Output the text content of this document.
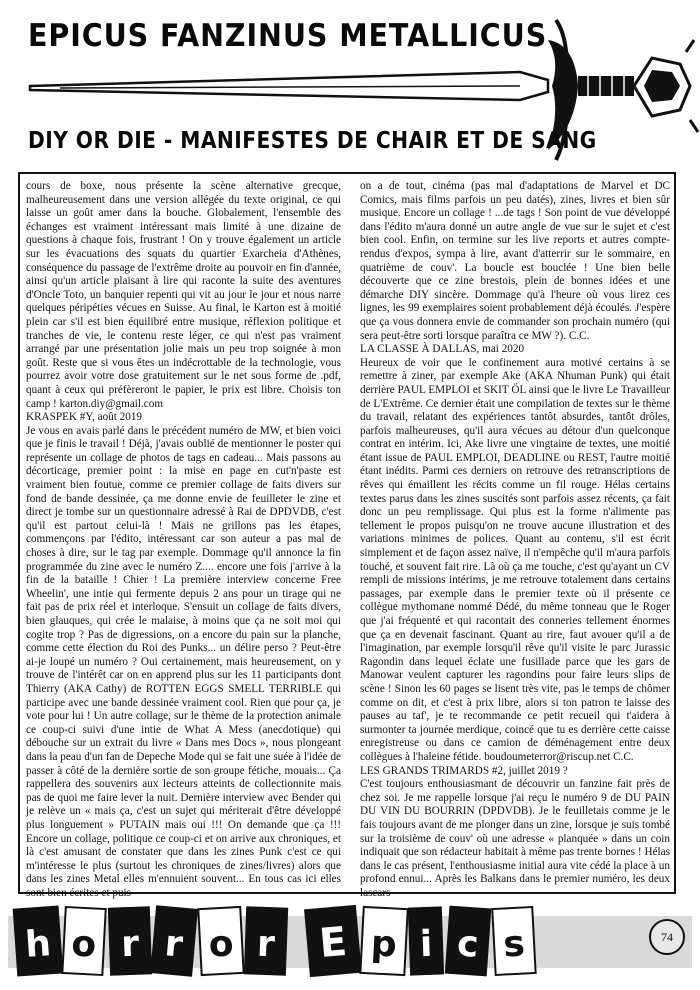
EPICUS FANZINUS METALLICUS
DIY OR DIE - MANIFESTES DE CHAIR ET DE SANG

cours de boxe, nous présente la scène alternative grecque, malheureusement dans une version allégée du texte original, ce qui laisse un goût amer dans la bouche. Globalement, l'ensemble des échanges est vraiment intéressant mais limité à une dizaine de questions à chaque fois, frustrant ! On y trouve également un article sur les évacuations des squats du quartier Exarcheia d'Athènes, conséquence du passage de l'extrême droite au pouvoir en fin d'année, ainsi qu'un article plaisant à lire qui raconte la suite des aventures d'Oncle Toto, un banquier repenti qui vit au jour le jour et nous narre quelques péripéties vécues en Suisse. Au final, le Karton est à moitié plein car s'il est bien équilibré entre musique, réflexion politique et tranches de vie, le contenu reste léger, ce qui n'est pas vraiment arrangé par une présentation jolie mais un peu trop soignée à mon goût. Reste que si vous êtes un indécrottable de la technologie, vous pourrez avoir votre dose gratuitement sur le net sous forme de .pdf, quant à ceux qui préfèreront le papier, le prix est libre. Choisis ton camp ! karton.diy@gmail.com

KRASPEK #Y, août 2019

Je vous en avais parlé dans le précédent numéro de MW, et bien voici que je finis le travail ! Déjà, j'avais oublié de mentionner le poster qui représente un collage de photos de tags en cadeau... Mais passons au décorticage, premier point : la mise en page en cut'n'paste est vraiment bien foutue, comme ce premier collage de faits divers sur fond de bande dessinée, ça me donne envie de feuilleter le zine et direct je tombe sur un questionnaire adressé à Rai de DPDVDB, c'est qu'il est partout celui-là ! Mais ne grillons pas les étapes, commençons par l'édito, intéressant car son auteur a pas mal de choses à dire, sur le tag par exemple. Dommage qu'il annonce la fin programmée du zine avec le numéro Z.... encore une fois j'arrive à la fin de la bataille ! Chier ! La première interview concerne Free Wheelin', une intie qui fermente depuis 2 ans pour un tirage qui ne fait pas de prix réel et interloque. S'ensuit un collage de faits divers, bien glauques, qui crée le malaise, à moins que ça ne soit moi qui cogite trop ? Pas de digressions, on a encore du pain sur la planche, comme cette élection du Roi des Punks... un délire perso ? Peut-être ai-je loupé un numéro ? Oui certainement, mais heureusement, on y trouve de l'intérêt car on en apprend plus sur les 11 participants dont Thierry (AKA Cathy) de ROTTEN EGGS SMELL TERRIBLE qui participe avec une bande dessinée vraiment cool. Rien que pour ça, je vote pour lui ! Un autre collage, sur le thème de la protection animale ce coup-ci suivi d'une intie de What A Mess (anecdotique) qui débouche sur un extrait du livre « Dans mes Docs », nous plongeant dans la peau d'un fan de Depeche Mode qui se fait une suée à l'idée de passer à côté de la dernière sortie de son groupe fétiche, mouais... Ça rappellera des souvenirs aux lecteurs atteints de collectionnite mais pas de quoi me faire lever la nuit. Dernière interview avec Bender qui je relève un « mais ça, c'est un sujet qui mériterait d'être développé plus longuement » PUTAIN mais oui !!! On demande que ça !!! Encore un collage, politique ce coup-ci et on arrive aux chroniques, et là c'est amusant de constater que dans les zines Punk c'est ce qui m'intéresse le plus (surtout les chroniques de zines/livres) alors que dans les zines Metal elles m'ennuient souvent... En tous cas ici elles sont bien écrites et puis

on a de tout, cinéma (pas mal d'adaptations de Marvel et DC Comics, mais films parfois un peu datés), zines, livres et bien sûr musique. Encore un collage ! ...de tags ! Son point de vue développé dans l'édito m'aura donné un autre angle de vue sur le sujet et c'est bien cool. Enfin, on termine sur les live reports et autres compte-rendus d'expos, sympa à lire, avant d'atterrir sur le sommaire, en quatrième de couv'. La boucle est bouclée ! Une bien belle découverte que ce zine brestois, plein de bonnes idées et une démarche DIY sincère. Dommage qu'à l'heure où vous lirez ces lignes, les 99 exemplaires soient probablement déjà écoulés. J'espère que ça vous donnera envie de commander son prochain numéro (qui sera peut-être sorti lorsque paraîtra ce MW ?). C.C.

LA CLASSE À DALLAS, mai 2020

Heureux de voir que le confinement aura motivé certains à se remettre à ziner, par exemple Ake (AKA Nhuman Punk) qui était derrière PAUL EMPLOI et SKIT ÖL ainsi que le livre Le Travailleur de L'Extrême. Ce dernier était une compilation de textes sur le thème du travail, relatant des expériences tantôt absurdes, tantôt drôles, parfois malheureuses, qu'il aura vécues au détour d'un quelconque contrat en intérim. Ici, Ake livre une vingtaine de textes, une moitié étant issue de PAUL EMPLOI, DEADLINE ou REST, l'autre moitié étant inédits. Parmi ces derniers on retrouve des retranscriptions de rêves qui émaillent les récits comme un fil rouge. Hélas certains textes parus dans les zines suscités sont parfois assez récents, ça fait donc un peu remplissage. Qui plus est la forme n'alimente pas tellement le propos puisqu'on ne trouve aucune illustration et des variations minimes de polices. Quant au contenu, s'il est écrit simplement et de façon assez naïve, il n'empêche qu'il m'aura parfois touché, et souvent fait rire. Là où ça me touche, c'est qu'ayant un CV rempli de missions intérims, je me retrouve totalement dans certains passages, par exemple dans le premier texte où il présente ce collègue mythomane nommé Dédé, du même tonneau que le Roger que j'ai fréquenté et qui racontait des conneries tellement énormes que ça en devenait fascinant. Quant au rire, faut avouer qu'il a de l'imagination, par exemple lorsqu'il rêve qu'il visite le parc Jurassic Ragondin dans lequel éclate une fusillade parce que les gars de Manowar veulent capturer les ragondins pour faire leurs slips de scène ! Sinon les 60 pages se lisent très vite, pas le temps de chômer comme on dit, et c'est à prix libre, alors si ton patron te laisse des pauses au taf', je te recommande ce petit recueil qui t'aidera à surmonter ta journée merdique, coincé que tu es derrière cette caisse enregistreuse ou dans ce camion de déménagement entre deux collègues à l'haleine fétide. boudoumeterror@riscup.net C.C.

LES GRANDS TRIMARDS #2, juillet 2019 ?

C'est toujours enthousiasmant de découvrir un fanzine fait près de chez soi. Je me rappelle lorsque j'ai reçu le numéro 9 de DU PAIN DU VIN DU BOURRIN (DPDVDB). Je le feuilletais comme je le fais toujours avant de me plonger dans un zine, lorsque je suis tombé sur la troisième de couv' où une adresse « planquée » dans un coin indiquait que son rédacteur habitait à même pas trente bornes ! Hélas dans le cas présent, l'enthousiasme initial aura vite cédé la place à un profond ennui... Après les Balkans dans le premier numéro, les deux lascars

h o r r o r E p i c s	74
